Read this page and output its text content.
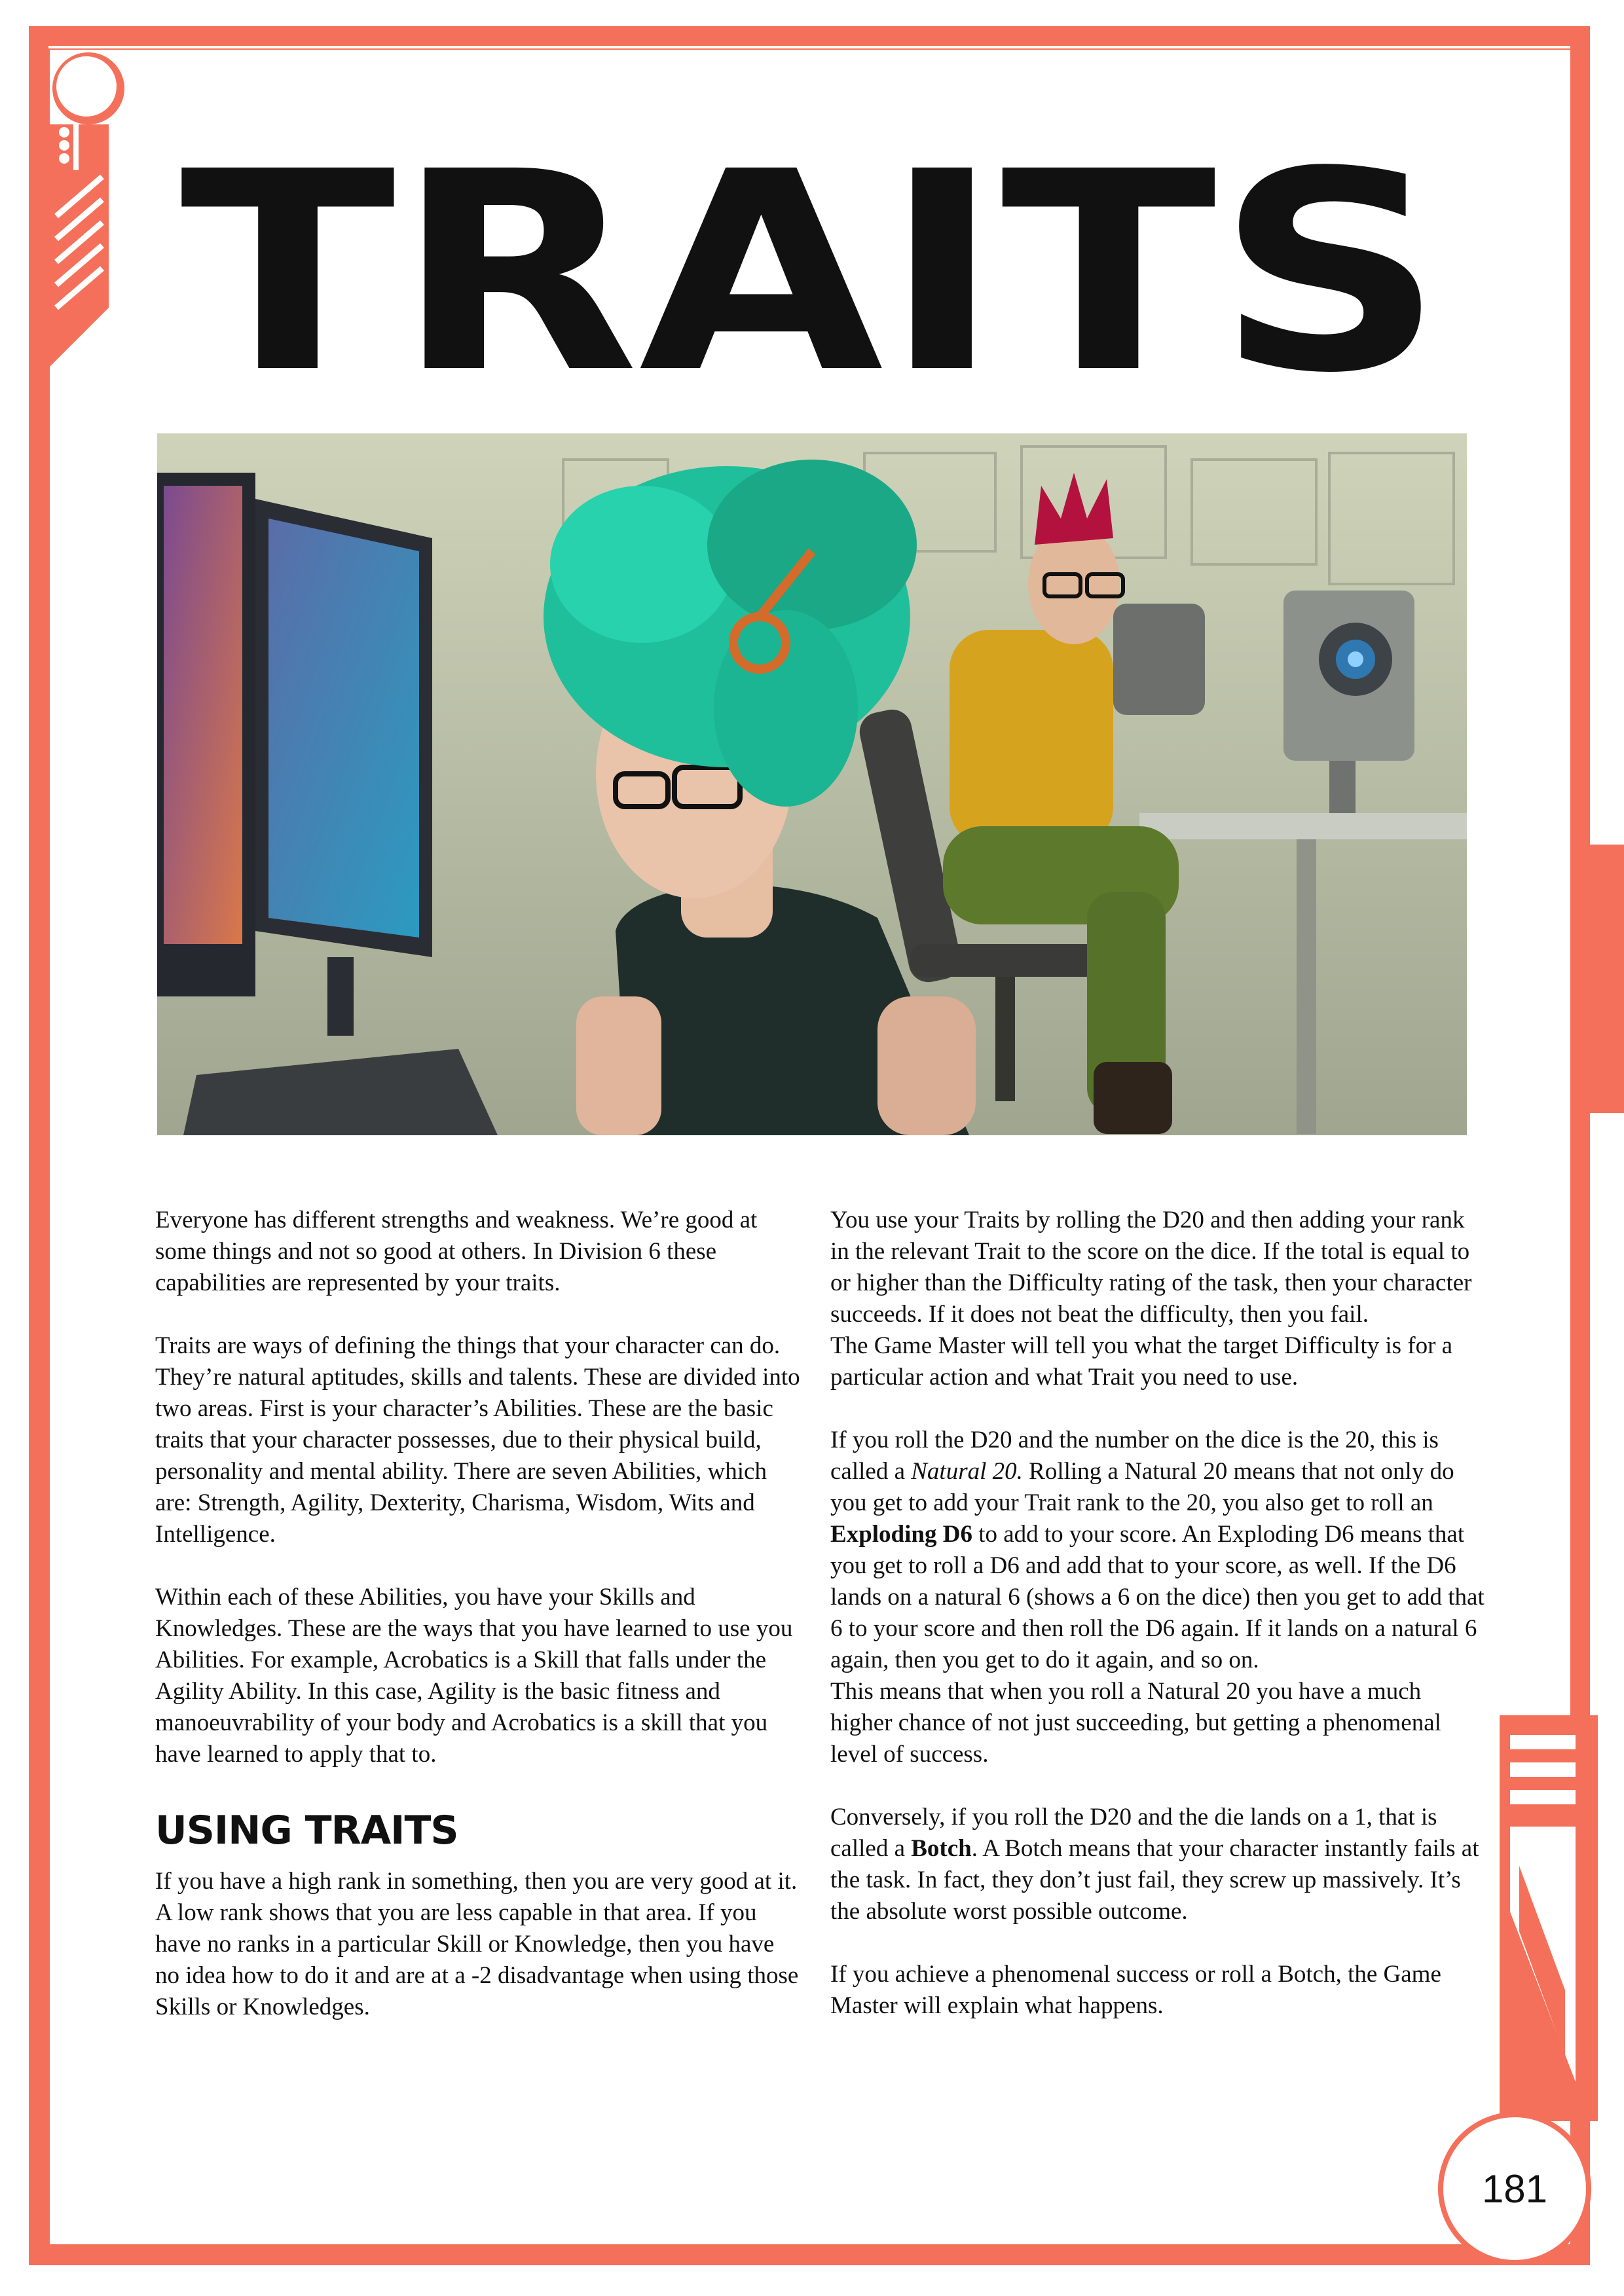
TRAITS

Everyone has different strengths and weakness. We’re good at some things and not so good at others. In Division 6 these capabilities are represented by your traits.

Traits are ways of defining the things that your character can do. They’re natural aptitudes, skills and talents. These are divided into two areas. First is your character’s Abilities. These are the basic traits that your character possesses, due to their physical build, personality and mental ability. There are seven Abilities, which are: Strength, Agility, Dexterity, Charisma, Wisdom, Wits and Intelligence.

Within each of these Abilities, you have your Skills and Knowledges. These are the ways that you have learned to use you Abilities. For example, Acrobatics is a Skill that falls under the Agility Ability. In this case, Agility is the basic fitness and manoeuvrability of your body and Acrobatics is a skill that you have learned to apply that to.

USING TRAITS

If you have a high rank in something, then you are very good at it. A low rank shows that you are less capable in that area. If you have no ranks in a particular Skill or Knowledge, then you have no idea how to do it and are at a -2 disadvantage when using those Skills or Knowledges.

You use your Traits by rolling the D20 and then adding your rank in the relevant Trait to the score on the dice. If the total is equal to or higher than the Difficulty rating of the task, then your character succeeds. If it does not beat the difficulty, then you fail.

The Game Master will tell you what the target Difficulty is for a particular action and what Trait you need to use.

If you roll the D20 and the number on the dice is the 20, this is called a Natural 20. Rolling a Natural 20 means that not only do you get to add your Trait rank to the 20, you also get to roll an Exploding D6 to add to your score. An Exploding D6 means that you get to roll a D6 and add that to your score, as well. If the D6 lands on a natural 6 (shows a 6 on the dice) then you get to add that 6 to your score and then roll the D6 again. If it lands on a natural 6 again, then you get to do it again, and so on.

This means that when you roll a Natural 20 you have a much higher chance of not just succeeding, but getting a phenomenal level of success.

Conversely, if you roll the D20 and the die lands on a 1, that is called a Botch. A Botch means that your character instantly fails at the task. In fact, they don’t just fail, they screw up massively. It’s the absolute worst possible outcome.

If you achieve a phenomenal success or roll a Botch, the Game Master will explain what happens.

181
